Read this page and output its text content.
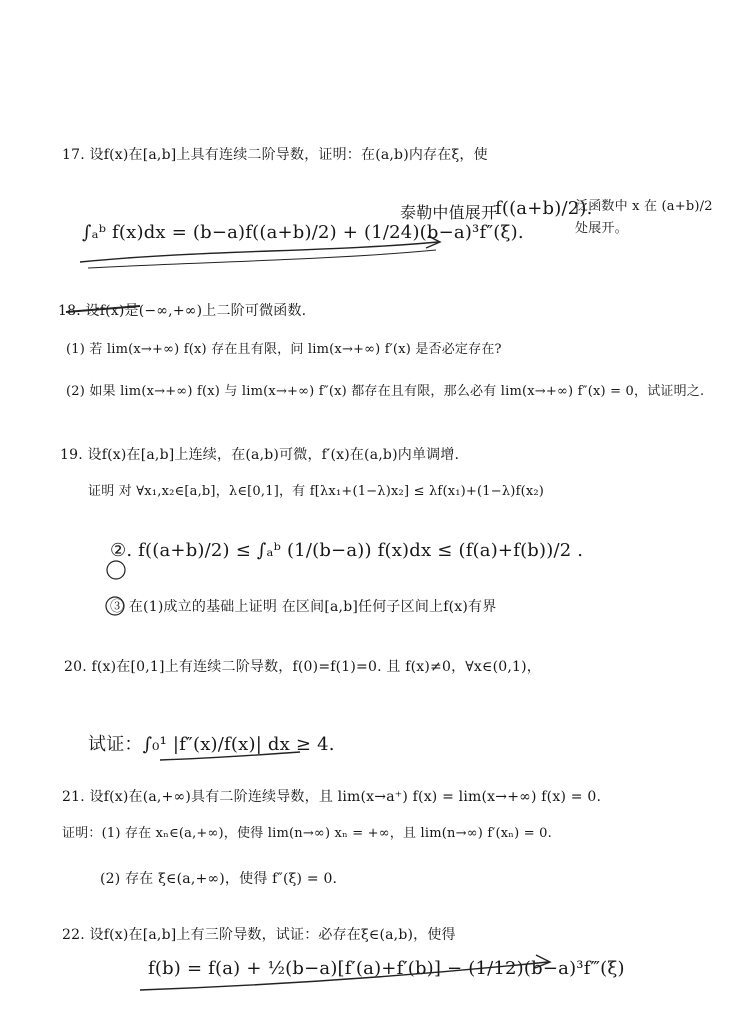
17. 设f(x)在[a,b]上具有连续二阶导数，证明：在(a,b)内存在ξ，使
∫ₐᵇ f(x)dx = (b−a)f((a+b)/2) + (1/24)(b−a)³f″(ξ).
泰勒中值展开
f((a+b)/2).
泛函数中 x 在 (a+b)/2 处展开。
18. 设f(x)是(−∞,+∞)上二阶可微函数.
(1) 若 lim(x→+∞) f(x) 存在且有限，问 lim(x→+∞) f′(x) 是否必定存在?
(2) 如果 lim(x→+∞) f(x) 与 lim(x→+∞) f″(x) 都存在且有限，那么必有 lim(x→+∞) f″(x) = 0，试证明之.
19. 设f(x)在[a,b]上连续，在(a,b)可微，f′(x)在(a,b)内单调增.
证明 对 ∀x₁,x₂∈[a,b]，λ∈[0,1]，有 f[λx₁+(1−λ)x₂] ≤ λf(x₁)+(1−λ)f(x₂)
②. f((a+b)/2) ≤ ∫ₐᵇ (1/(b−a)) f(x)dx ≤ (f(a)+f(b))/2 .
③ 在(1)成立的基础上证明 在区间[a,b]任何子区间上f(x)有界
20. f(x)在[0,1]上有连续二阶导数，f(0)=f(1)=0. 且 f(x)≠0，∀x∈(0,1)，
试证：∫₀¹ |f″(x)/f(x)| dx ≥ 4.
21. 设f(x)在(a,+∞)具有二阶连续导数，且 lim(x→a⁺) f(x) = lim(x→+∞) f(x) = 0.
证明：(1) 存在 xₙ∈(a,+∞)，使得 lim(n→∞) xₙ = +∞，且 lim(n→∞) f′(xₙ) = 0.
(2) 存在 ξ∈(a,+∞)，使得 f″(ξ) = 0.
22. 设f(x)在[a,b]上有三阶导数，试证：必存在ξ∈(a,b)，使得
f(b) = f(a) + ½(b−a)[f′(a)+f′(b)] − (1/12)(b−a)³f‴(ξ)
